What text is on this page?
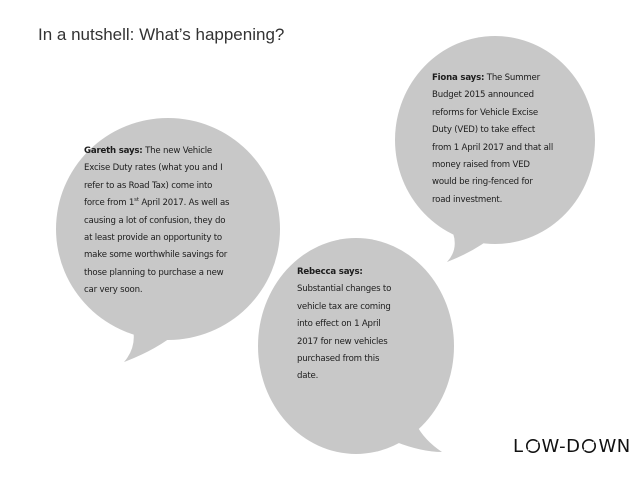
In a nutshell: What’s happening?
Fiona says: The Summer
Budget 2015 announced
reforms for Vehicle Excise
Duty (VED) to take effect
from 1 April 2017 and that all
money raised from VED
would be ring-fenced for
road investment.
Gareth says: The new Vehicle
Excise Duty rates (what you and I
refer to as Road Tax) come into
force from 1st April 2017. As well as
causing a lot of confusion, they do
at least provide an opportunity to
make some worthwhile savings for
those planning to purchase a new
car very soon.
Rebecca says:
Substantial changes to
vehicle tax are coming
into effect on 1 April
2017 for new vehicles
purchased from this
date.
L W-D WN
